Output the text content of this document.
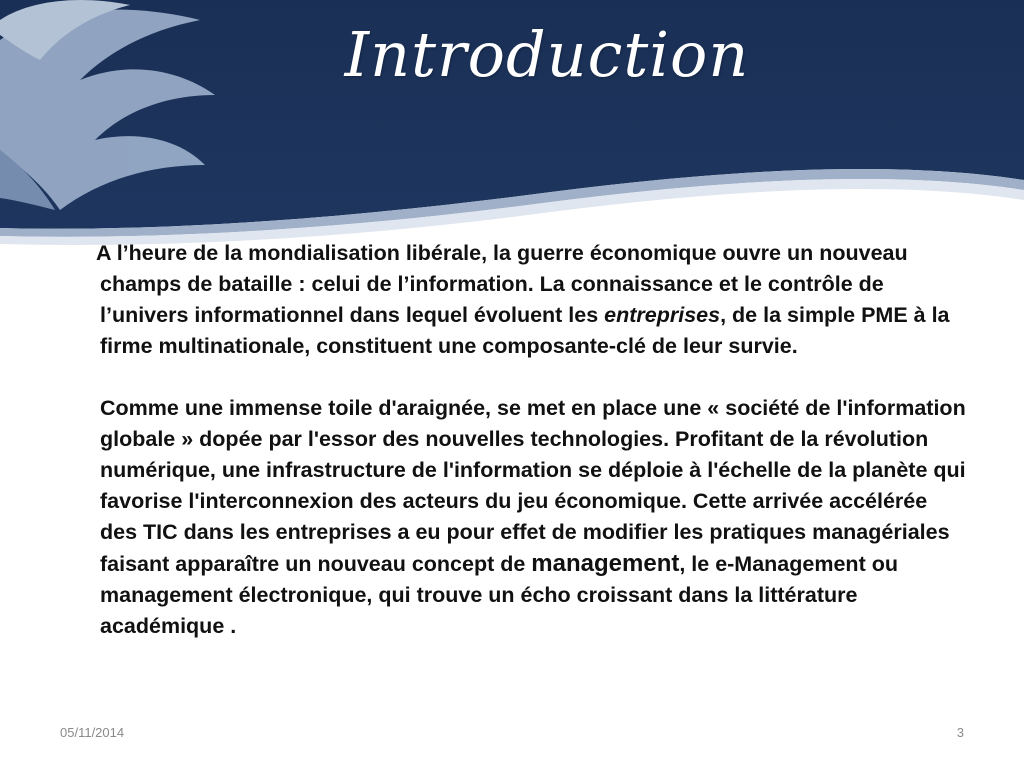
Introduction

A l’heure de la mondialisation libérale, la guerre économique ouvre un nouveau champs de bataille : celui de l’information. La connaissance et le contrôle de l’univers informationnel dans lequel évoluent les entreprises, de la simple PME à la firme multinationale, constituent une composante-clé de leur survie.

Comme une immense toile d'araignée, se met en place une « société de l'information globale » dopée par l'essor des nouvelles technologies. Profitant de la révolution numérique, une infrastructure de l'information se déploie à l'échelle de la planète qui favorise l'interconnexion des acteurs du jeu économique. Cette arrivée accélérée des TIC dans les entreprises a eu pour effet de modifier les pratiques managériales faisant apparaître un nouveau concept de management, le e-Management ou management électronique, qui trouve un écho croissant dans la littérature académique .

05/11/2014	3
